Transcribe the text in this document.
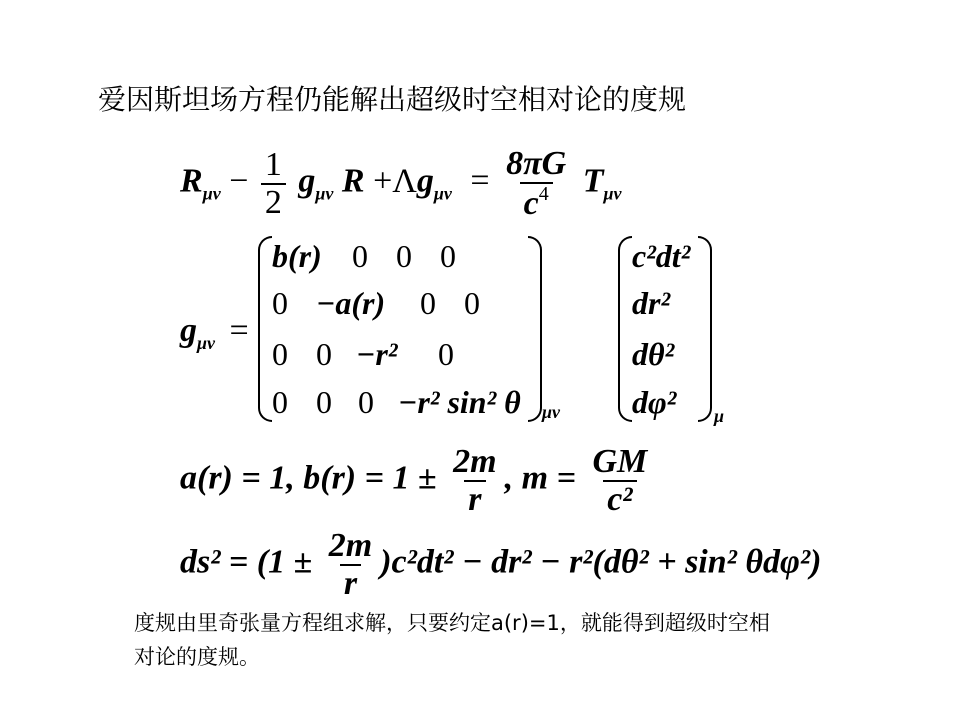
爱因斯坦场方程仍能解出超级时空相对论的度规
$R_{\mu\nu} - \frac{1}{2} g_{\mu\nu}$ $R +\Lambda g_{\mu\nu} = \frac{8\pi G}{c^4} T_{\mu\nu}$
$g_{\mu\nu}$ =
b(r) 0 0 0
0 −a(r) 0 0
0 0 −r² 0
0 0 0 −r² sin² θ μν
c²dt²
dr²
dθ²
dφ² μ
a(r) = 1, $b(r) = 1 \pm \frac{2m}{r}$ , $m = \frac{GM}{\text{c²}}$
$ds^2 = (1 \pm \frac{2m}{r} )c^2dt^2 - dr^2 - r^2(d\theta^2 + \sin^2$ θdφ²)
度规由里奇张量方程组求解，只要约定a(r)=1，就能得到超级时空相对论的度规。
